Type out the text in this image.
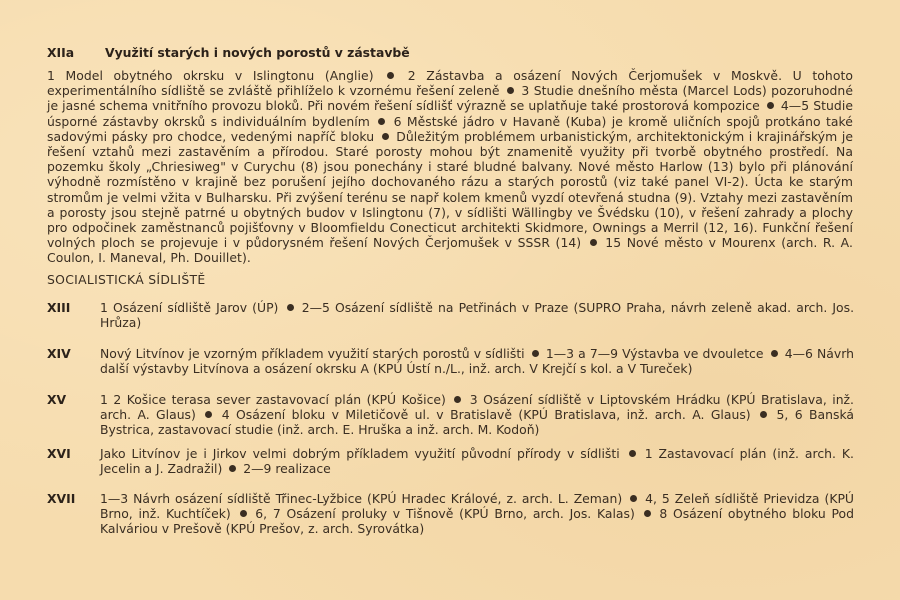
XIIa Využití starých i nových porostů v zástavbě

1 Model obytného okrsku v Islingtonu (Anglie)	2 Zástavba a osázení Nových Čerjomušek v Moskvě. U tohoto experimentálního sídliště se zvláště přihlíželo k vzornému řešení zeleně 3 Studie dnešního města (Marcel Lods) pozoruhodné je jasné schema vnitřního provozu bloků. Při novém řešení sídlišť výrazně se uplatňuje také prostorová kompozice 4—5 Studie úsporné zástavby okrsků s individuálním bydlením 6 Městské jádro v Havaně (Kuba) je kromě uličních spojů protkáno také sadovými pásky pro chodce, vedenými napříč bloku Důležitým problémem urbanistickým, architektonickým i krajinářským je řešení vztahů mezi zastavěním a přírodou. Staré porosty mohou být znamenitě využity při tvorbě obytného prostředí. Na pozemku školy „Chriesiweg" v Curychu (8) jsou ponechány i staré bludné balvany. Nové město Harlow (13) bylo při plánování výhodně rozmístěno v krajině bez porušení jejího dochovaného rázu a starých porostů (viz také panel VI-2). Úcta ke starým stromům je velmi vžita v Bulharsku. Při zvýšení terénu se např kolem kmenů vyzdí otevřená studna (9). Vztahy mezi zastavěním a porosty jsou stejně patrné u obytných budov v Islingtonu (7), v sídlišti Wällingby ve Švédsku (10), v řešení zahrady a plochy pro odpočinek zaměstnanců pojišťovny v Bloomfieldu Conecticut architekti Skidmore, Ownings a Merril (12, 16). Funkční řešení volných ploch se projevuje i v půdorysném řešení Nových Čerjomušek v SSSR (14) 15 Nové město v Mourenx (arch. R. A. Coulon, I. Maneval, Ph. Douillet).

SOCIALISTICKÁ SÍDLIŠTĚ
XIII 1 Osázení sídliště Jarov (ÚP) 2—5 Osázení sídliště na Petřinách v Praze (SUPRO Praha, návrh zeleně akad. arch. Jos. Hrůza)
XIV Nový Litvínov je vzorným příkladem využití starých porostů v sídlišti 1—3 a 7—9 Výstavba ve dvouletce 4—6 Návrh další výstavby Litvínova a osázení okrsku A (KPÚ Ústí n./L., inž. arch. V Krejčí s kol. a V Tureček)
XV	1 2 Košice terasa sever zastavovací plán (KPÚ Košice) 3 Osázení sídliště v Liptovském Hrádku (KPÚ Bratislava, inž. arch. A. Glaus) 4 Osázení bloku v Miletičově ul. v Bratislavě (KPÚ Bratislava, inž. arch. A. Glaus) 5, 6 Banská Bystrica, zastavovací studie (inž. arch. E. Hruška a inž. arch. M. Kodoň)
XVI Jako Litvínov je i Jirkov velmi dobrým příkladem využití původní přírody v sídlišti 1 Zastavovací plán (inž. arch. K. Jecelin a J. Zadražil) 2—9 realizace
XVII 1—3 Návrh osázení sídliště Třinec-Lyžbice (KPÚ Hradec Králové, z. arch. L. Zeman) 4, 5 Zeleň sídliště Prievidza (KPÚ Brno, inž. Kuchtíček) 6, 7 Osázení proluky v Tišnově (KPÚ Brno, arch. Jos. Kalas) 8 Osázení obytného bloku Pod Kalváriou v Prešově (KPÚ Prešov, z. arch. Syrovátka)
